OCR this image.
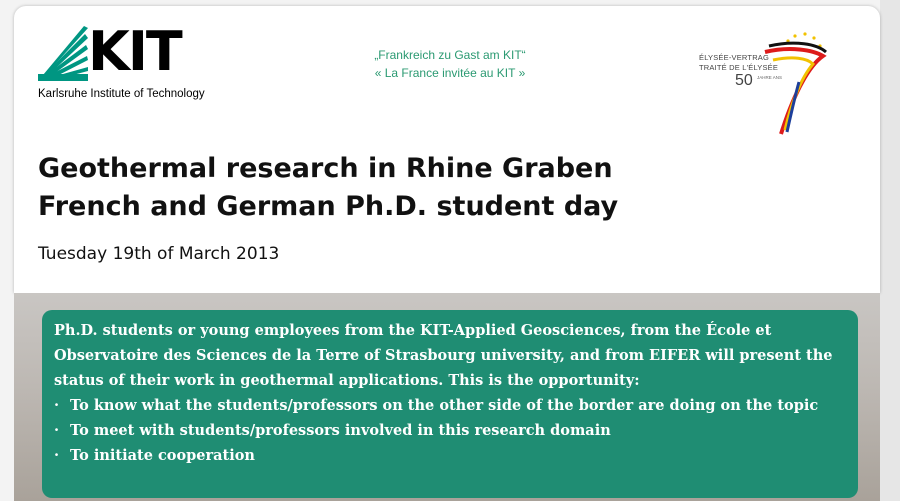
KIT
Karlsruhe Institute of Technology
„Frankreich zu Gast am KIT“
« La France invitée au KIT »
ÉLYSÉE-VERTRAG
TRAITÉ DE L'ÉLYSÉE
50 JAHRE ANS
Geothermal research in Rhine Graben
French and German Ph.D. student day
Tuesday 19th of March 2013

Ph.D. students or young employees from the KIT-Applied Geosciences, from the École et Observatoire des Sciences de la Terre of Strasbourg university, and from EIFER will present the status of their work in geothermal applications. This is the opportunity:

· To know what the students/professors on the other side of the border are doing on the topic
· To meet with students/professors involved in this research domain
· To initiate cooperation
